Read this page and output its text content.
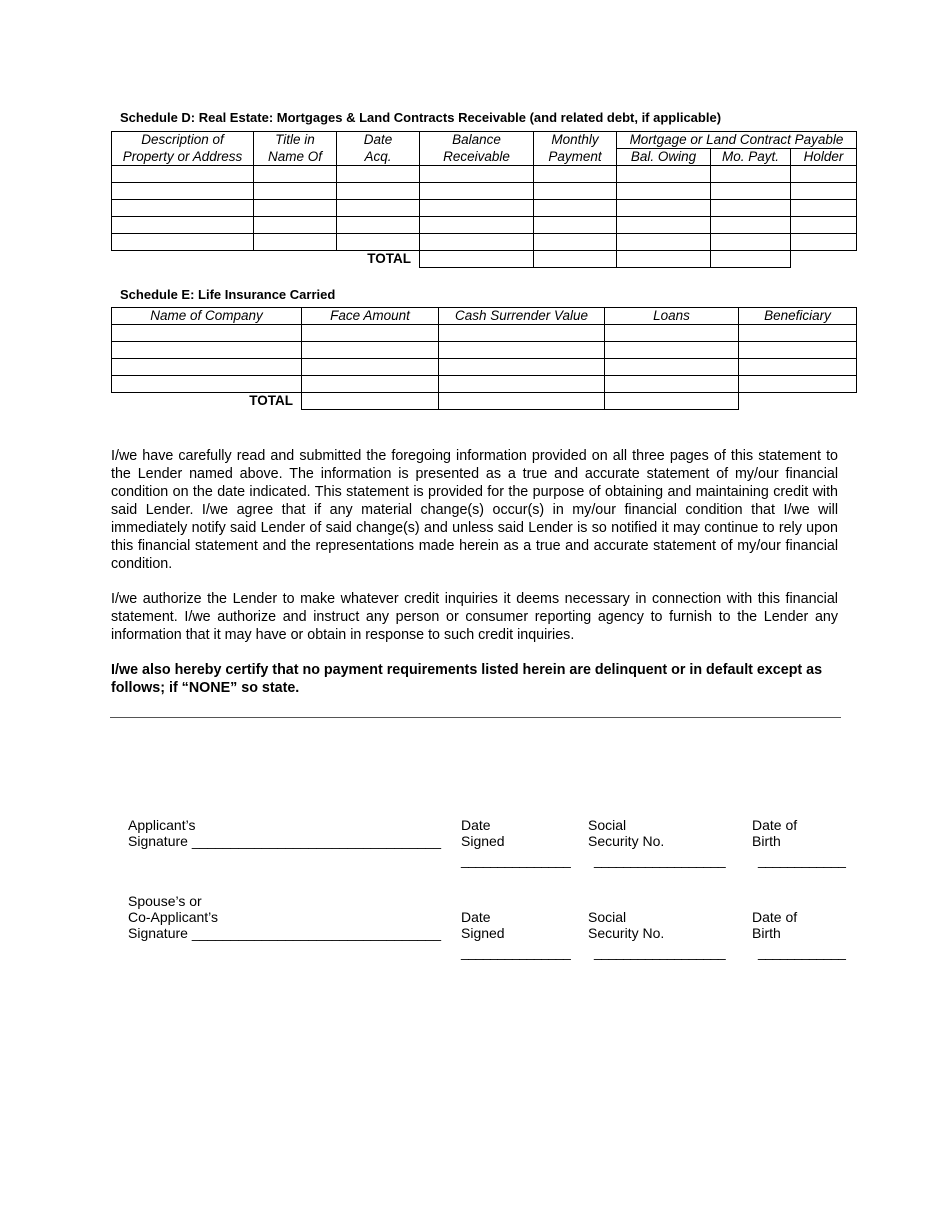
Schedule D: Real Estate: Mortgages & Land Contracts Receivable (and related debt, if applicable)
Description of	Title in	Date	Balance	Monthly	Mortgage or Land Contract Payable		
Property or Address	Name Of	Acq.	Receivable	Payment	Bal. Owing	Mo. Payt.	Holder

TOTAL							
Schedule E: Life Insurance Carried
Name of Company	Face Amount	Cash Surrender Value	Loans	Beneficiary

TOTAL				
I/we have carefully read and submitted the foregoing information provided on all three pages of this statement to the Lender named above. The information is presented as a true and accurate statement of my/our financial condition on the date indicated. This statement is provided for the purpose of obtaining and maintaining credit with said Lender. I/we agree that if any material change(s) occur(s) in my/our financial condition that I/we will immediately notify said Lender of said change(s) and unless said Lender is so notified it may continue to rely upon this financial statement and the representations made herein as a true and accurate statement of my/our financial condition.
I/we authorize the Lender to make whatever credit inquiries it deems necessary in connection with this financial statement. I/we authorize and instruct any person or consumer reporting agency to furnish to the Lender any information that it may have or obtain in response to such credit inquiries.
I/we also hereby certify that no payment requirements listed herein are delinquent or in default except as follows; if “NONE” so state.
Applicant’s
Signature ________________________________
Date
Signed
Social
Security No.
Date of
Birth
_______________ __________________ ____________
Spouse’s or
Co-Applicant’s
Signature ________________________________
Date
Signed
Social
Security No.
Date of
Birth
_______________ __________________ ____________
